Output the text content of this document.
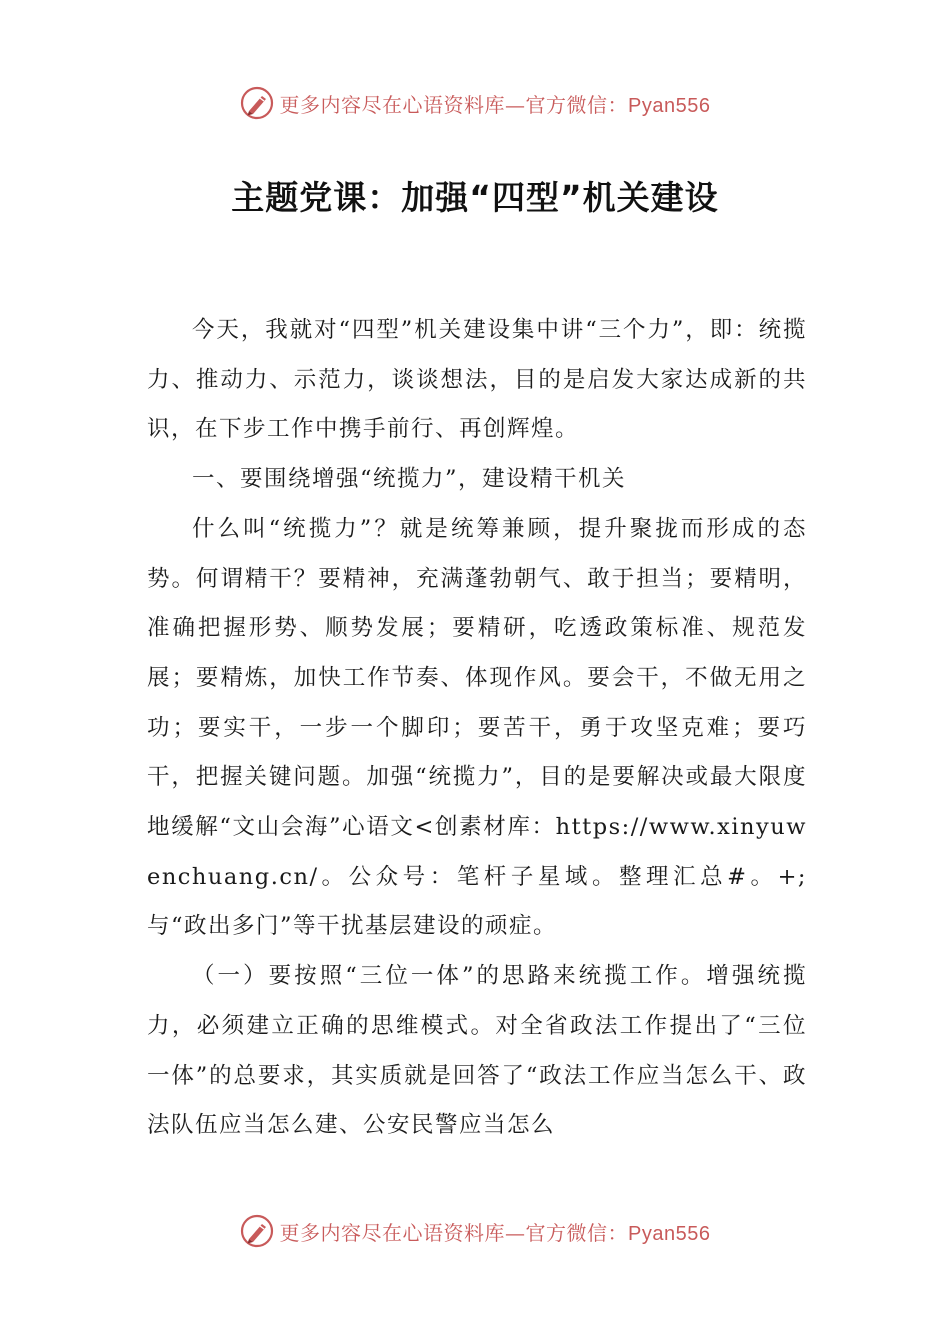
更多内容尽在心语资料库—官方微信：Pyan556
主题党课：加强“四型”机关建设

今天，我就对“四型”机关建设集中讲“三个力”，即：统揽力、推动力、示范力，谈谈想法，目的是启发大家达成新的共识，在下步工作中携手前行、再创辉煌。

一、要围绕增强“统揽力”，建设精干机关

什么叫“统揽力”？就是统筹兼顾，提升聚拢而形成的态势。何谓精干？要精神，充满蓬勃朝气、敢于担当；要精明，准确把握形势、顺势发展；要精研，吃透政策标准、规范发展；要精炼，加快工作节奏、体现作风。要会干，不做无用之功；要实干，一步一个脚印；要苦干，勇于攻坚克难；要巧干，把握关键问题。加强“统揽力”，目的是要解决或最大限度地缓解“文山会海”心语文<创素材库：https://www.xinyuwenchuang.cn/。公众号：笔杆子星域。整理汇总#。+;与“政出多门”等干扰基层建设的顽症。

（一）要按照“三位一体”的思路来统揽工作。增强统揽力，必须建立正确的思维模式。对全省政法工作提出了“三位一体”的总要求，其实质就是回答了“政法工作应当怎么干、政法队伍应当怎么建、公安民警应当怎么

更多内容尽在心语资料库—官方微信：Pyan556
